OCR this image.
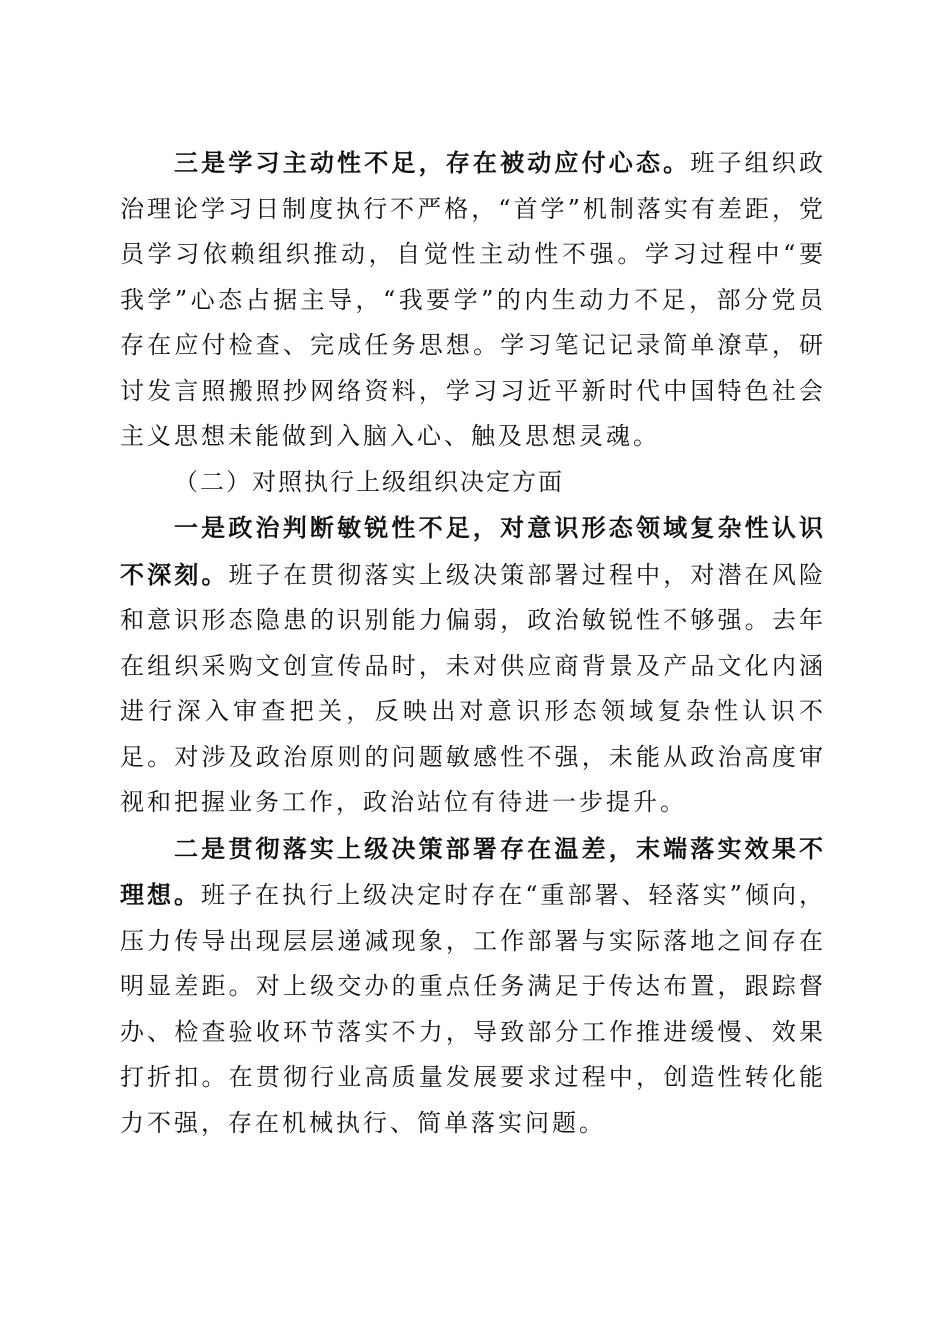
三是学习主动性不足，存在被动应付心态。班子组织政治理论学习日制度执行不严格，“首学”机制落实有差距，党员学习依赖组织推动，自觉性主动性不强。学习过程中“要我学”心态占据主导，“我要学”的内生动力不足，部分党员存在应付检查、完成任务思想。学习笔记记录简单潦草，研讨发言照搬照抄网络资料，学习习近平新时代中国特色社会主义思想未能做到入脑入心、触及思想灵魂。

（二）对照执行上级组织决定方面

一是政治判断敏锐性不足，对意识形态领域复杂性认识不深刻。班子在贯彻落实上级决策部署过程中，对潜在风险和意识形态隐患的识别能力偏弱，政治敏锐性不够强。去年在组织采购文创宣传品时，未对供应商背景及产品文化内涵进行深入审查把关，反映出对意识形态领域复杂性认识不足。对涉及政治原则的问题敏感性不强，未能从政治高度审视和把握业务工作，政治站位有待进一步提升。

二是贯彻落实上级决策部署存在温差，末端落实效果不理想。班子在执行上级决定时存在“重部署、轻落实”倾向，压力传导出现层层递减现象，工作部署与实际落地之间存在明显差距。对上级交办的重点任务满足于传达布置，跟踪督办、检查验收环节落实不力，导致部分工作推进缓慢、效果打折扣。在贯彻行业高质量发展要求过程中，创造性转化能力不强，存在机械执行、简单落实问题。
